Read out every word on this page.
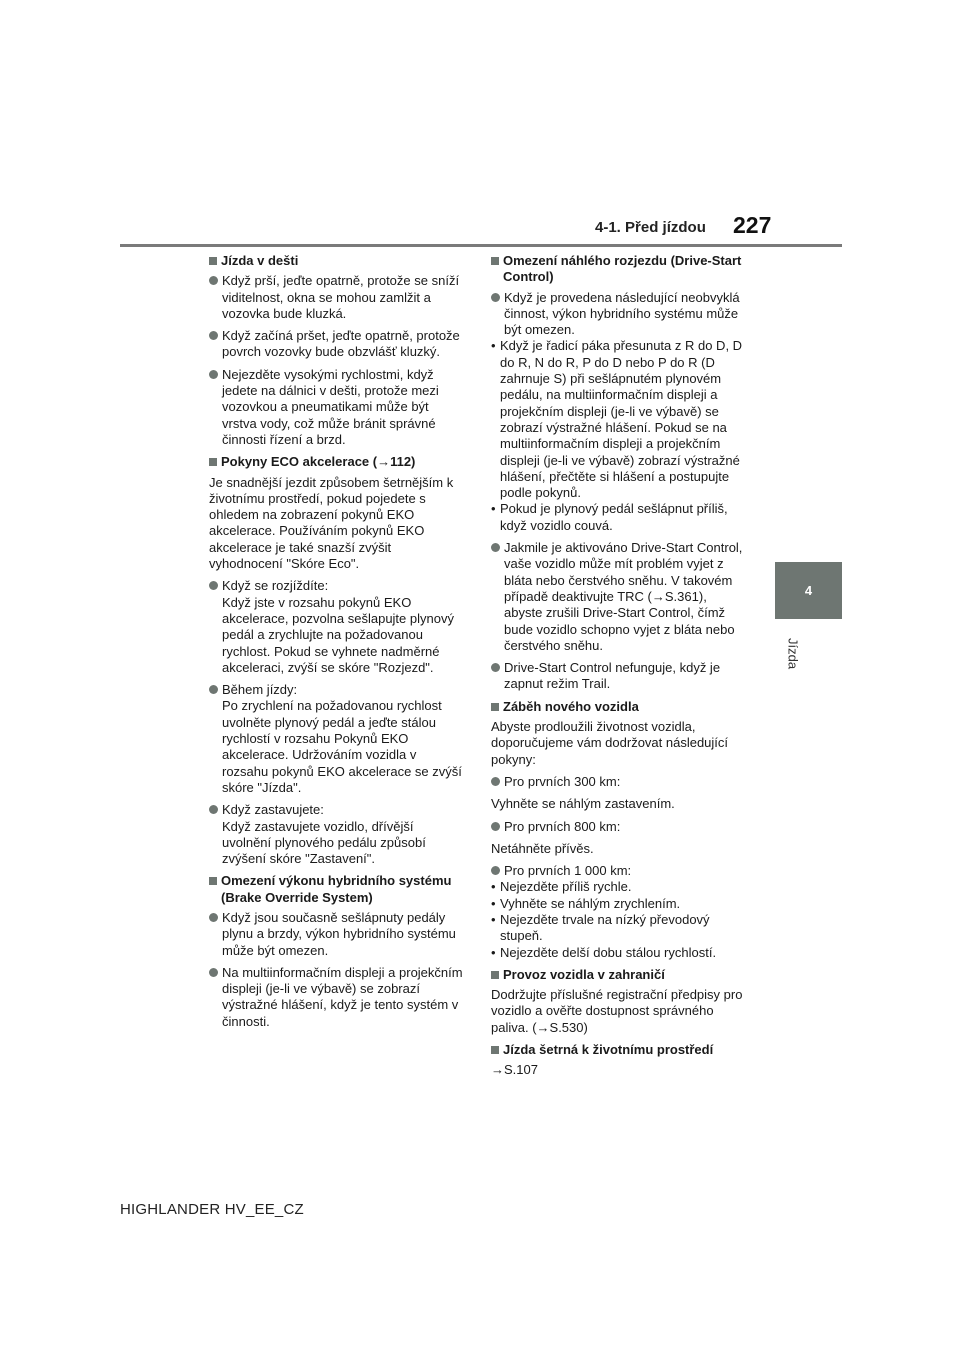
4-1. Před jízdou 227
4
Jízda
Jízda v dešti
Když prší, jeďte opatrně, protože se sníží viditelnost, okna se mohou zamlžit a vozovka bude kluzká.
Když začíná pršet, jeďte opatrně, protože povrch vozovky bude obzvlášť kluzký.
Nejezděte vysokými rychlostmi, když jedete na dálnici v dešti, protože mezi vozovkou a pneumatikami může být vrstva vody, což může bránit správné činnosti řízení a brzd.
Pokyny ECO akcelerace (→112)
Je snadnější jezdit způsobem šetrnějším k životnímu prostředí, pokud pojedete s ohledem na zobrazení pokynů EKO akcelerace. Používáním pokynů EKO akcelerace je také snazší zvýšit vyhodnocení "Skóre Eco".
Když se rozjíždíte:
Když jste v rozsahu pokynů EKO akcelerace, pozvolna sešlapujte plynový pedál a zrychlujte na požadovanou rychlost. Pokud se vyhnete nadměrné akceleraci, zvýší se skóre "Rozjezd".
Během jízdy:
Po zrychlení na požadovanou rychlost uvolněte plynový pedál a jeďte stálou rychlostí v rozsahu Pokynů EKO akcelerace. Udržováním vozidla v rozsahu pokynů EKO akcelerace se zvýší skóre "Jízda".
Když zastavujete:
Když zastavujete vozidlo, dřívější uvolnění plynového pedálu způsobí zvýšení skóre "Zastavení".
Omezení výkonu hybridního systému (Brake Override System)
Když jsou současně sešlápnuty pedály plynu a brzdy, výkon hybridního systému může být omezen.
Na multiinformačním displeji a projekčním displeji (je-li ve výbavě) se zobrazí výstražné hlášení, když je tento systém v činnosti.
Omezení náhlého rozjezdu (Drive-Start Control)
Když je provedena následující neobvyklá činnost, výkon hybridního systému může být omezen.
• Když je řadicí páka přesunuta z R do D, D do R, N do R, P do D nebo P do R (D zahrnuje S) při sešlápnutém plynovém pedálu, na multiinformačním displeji a projekčním displeji (je-li ve výbavě) se zobrazí výstražné hlášení. Pokud se na multiinformačním displeji a projekčním displeji (je-li ve výbavě) zobrazí výstražné hlášení, přečtěte si hlášení a postupujte podle pokynů.
• Pokud je plynový pedál sešlápnut příliš, když vozidlo couvá.
Jakmile je aktivováno Drive-Start Control, vaše vozidlo může mít problém vyjet z bláta nebo čerstvého sněhu. V takovém případě deaktivujte TRC (→S.361), abyste zrušili Drive-Start Control, čímž bude vozidlo schopno vyjet z bláta nebo čerstvého sněhu.
Drive-Start Control nefunguje, když je zapnut režim Trail.
Záběh nového vozidla
Abyste prodloužili životnost vozidla, doporučujeme vám dodržovat následující pokyny:
Pro prvních 300 km:
Vyhněte se náhlým zastavením.
Pro prvních 800 km:
Netáhněte přívěs.
Pro prvních 1 000 km:
• Nejezděte příliš rychle.
• Vyhněte se náhlým zrychlením.
• Nejezděte trvale na nízký převodový stupeň.
• Nejezděte delší dobu stálou rychlostí.
Provoz vozidla v zahraničí
Dodržujte příslušné registrační předpisy pro vozidlo a ověřte dostupnost správného paliva. (→S.530)
Jízda šetrná k životnímu prostředí
→S.107
HIGHLANDER HV_EE_CZ
